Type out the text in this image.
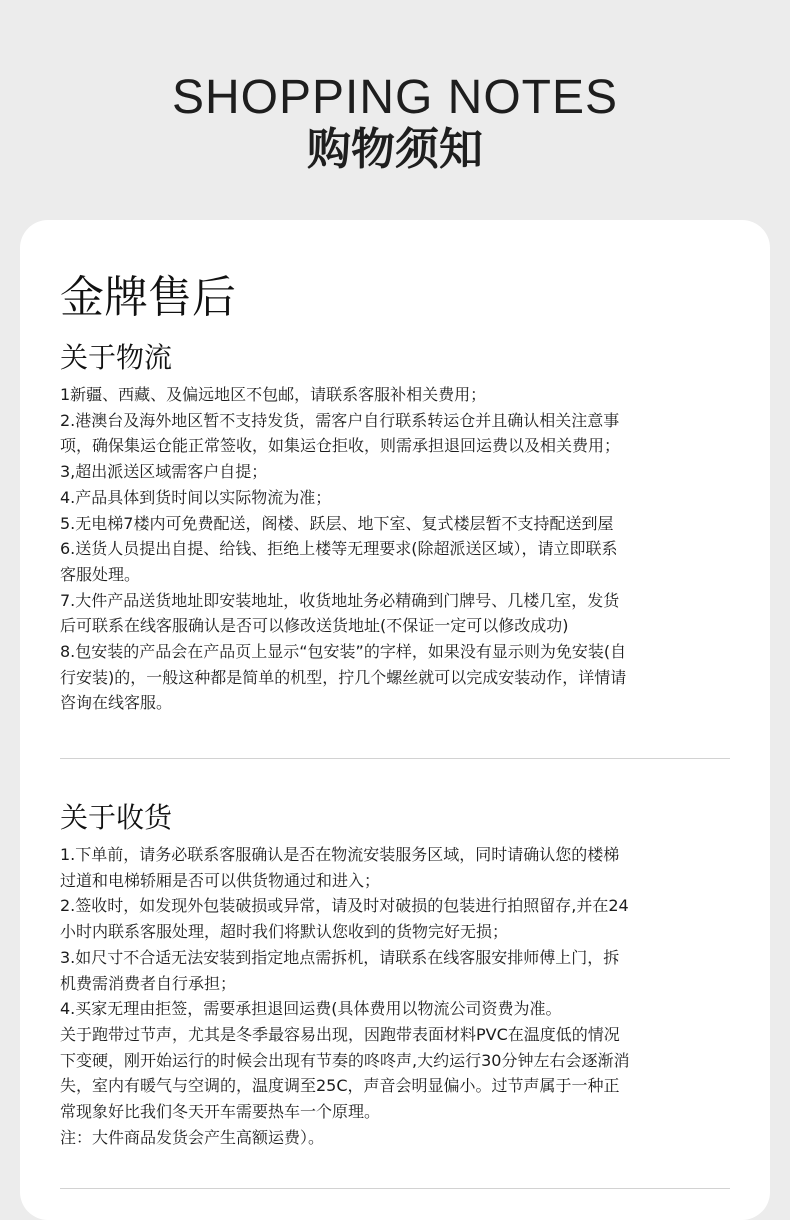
SHOPPING NOTES
购物须知
金牌售后
关于物流
1新疆、西藏、及偏远地区不包邮，请联系客服补相关费用；
2.港澳台及海外地区暂不支持发货，需客户自行联系转运仓并且确认相关注意事
项，确保集运仓能正常签收，如集运仓拒收，则需承担退回运费以及相关费用；
3,超出派送区域需客户自提；
4.产品具体到货时间以实际物流为准；
5.无电梯7楼内可免费配送，阁楼、跃层、地下室、复式楼层暂不支持配送到屋
6.送货人员提出自提、给钱、拒绝上楼等无理要求(除超派送区域），请立即联系
客服处理。
7.大件产品送货地址即安装地址，收货地址务必精确到门牌号、几楼几室，发货
后可联系在线客服确认是否可以修改送货地址(不保证一定可以修改成功)
8.包安装的产品会在产品页上显示“包安装”的字样，如果没有显示则为免安装(自
行安装)的，一般这种都是简单的机型，拧几个螺丝就可以完成安装动作，详情请
咨询在线客服。
关于收货
1.下单前，请务必联系客服确认是否在物流安装服务区域，同时请确认您的楼梯
过道和电梯轿厢是否可以供货物通过和进入；
2.签收时，如发现外包装破损或异常，请及时对破损的包装进行拍照留存,并在24
小时内联系客服处理，超时我们将默认您收到的货物完好无损；
3.如尺寸不合适无法安装到指定地点需拆机，请联系在线客服安排师傅上门，拆
机费需消费者自行承担；
4.买家无理由拒签，需要承担退回运费(具体费用以物流公司资费为准。
关于跑带过节声，尤其是冬季最容易出现，因跑带表面材料PVC在温度低的情况
下变硬，刚开始运行的时候会出现有节奏的咚咚声,大约运行30分钟左右会逐渐消
失，室内有暖气与空调的，温度调至25C，声音会明显偏小。过节声属于一种正
常现象好比我们冬天开车需要热车一个原理。
注：大件商品发货会产生高额运费）。
